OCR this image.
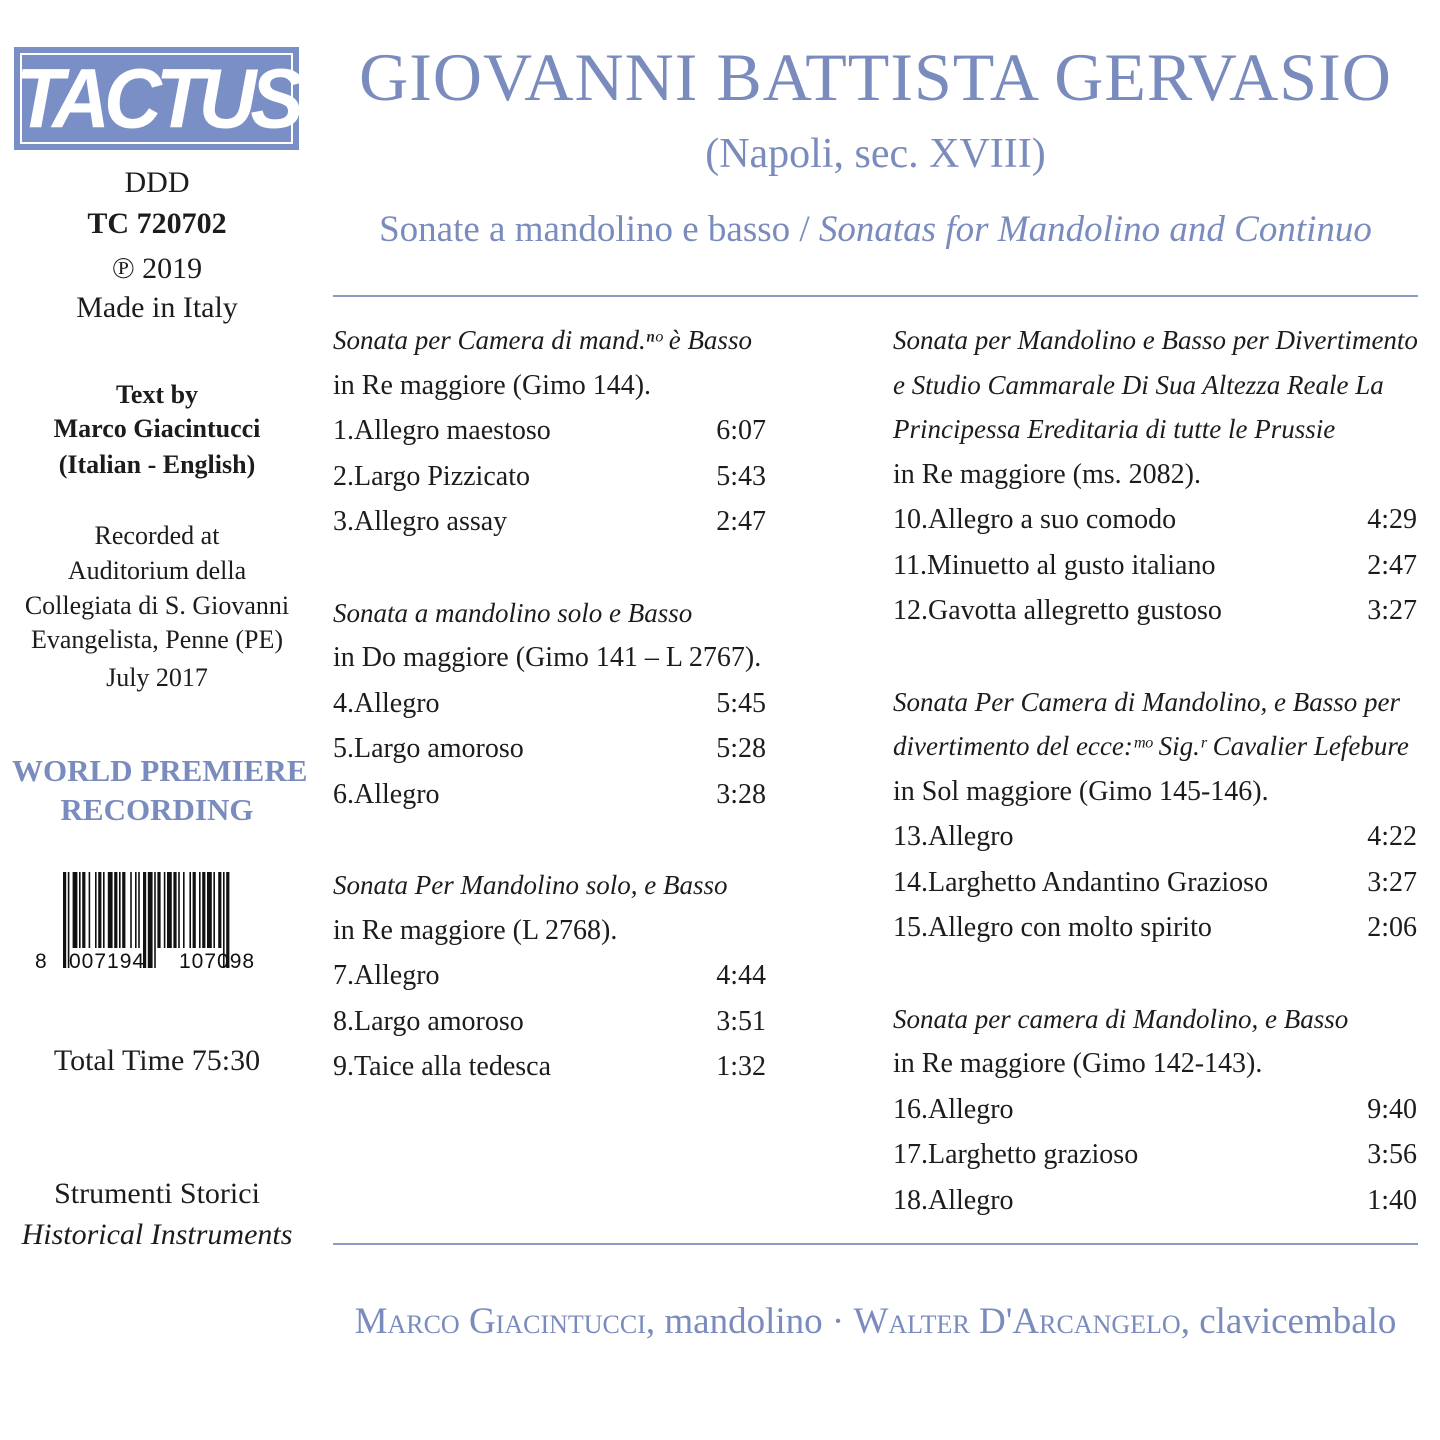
TACTUS
DDD
TC 720702
℗ 2019
Made in Italy
Text by
Marco Giacintucci
(Italian - English)
Recorded at
Auditorium della
Collegiata di S. Giovanni
Evangelista, Penne (PE)
July 2017
WORLD PREMIERE
RECORDING
Total Time 75:30
Strumenti Storici
Historical Instruments
8 007194 107098
GIOVANNI BATTISTA GERVASIO
(Napoli, sec. XVIII)
Sonate a mandolino e basso / Sonatas for Mandolino and Continuo
Sonata per Camera di mand.ⁿᵒ è Basso
in Re maggiore (Gimo 144).
1.Allegro maestoso	6:07
2.Largo Pizzicato	5:43
3.Allegro assay	2:47
Sonata a mandolino solo e Basso
in Do maggiore (Gimo 141 – L 2767).
4.Allegro	5:45
5.Largo amoroso	5:28
6.Allegro	3:28
Sonata Per Mandolino solo, e Basso
in Re maggiore (L 2768).
7.Allegro	4:44
8.Largo amoroso	3:51
9.Taice alla tedesca	1:32
Sonata per Mandolino e Basso per Divertimento
e Studio Cammarale Di Sua Altezza Reale La
Principessa Ereditaria di tutte le Prussie
in Re maggiore (ms. 2082).
10.Allegro a suo comodo	4:29
11.Minuetto al gusto italiano	2:47
12.Gavotta allegretto gustoso	3:27
Sonata Per Camera di Mandolino, e Basso per
divertimento del ecce:ᵐᵒ Sig.ʳ Cavalier Lefebure
in Sol maggiore (Gimo 145-146).
13.Allegro	4:22
14.Larghetto Andantino Grazioso	3:27
15.Allegro con molto spirito	2:06
Sonata per camera di Mandolino, e Basso
in Re maggiore (Gimo 142-143).
16.Allegro	9:40
17.Larghetto grazioso	3:56
18.Allegro	1:40
Marco Giacintucci, mandolino · Walter D'Arcangelo, clavicembalo
